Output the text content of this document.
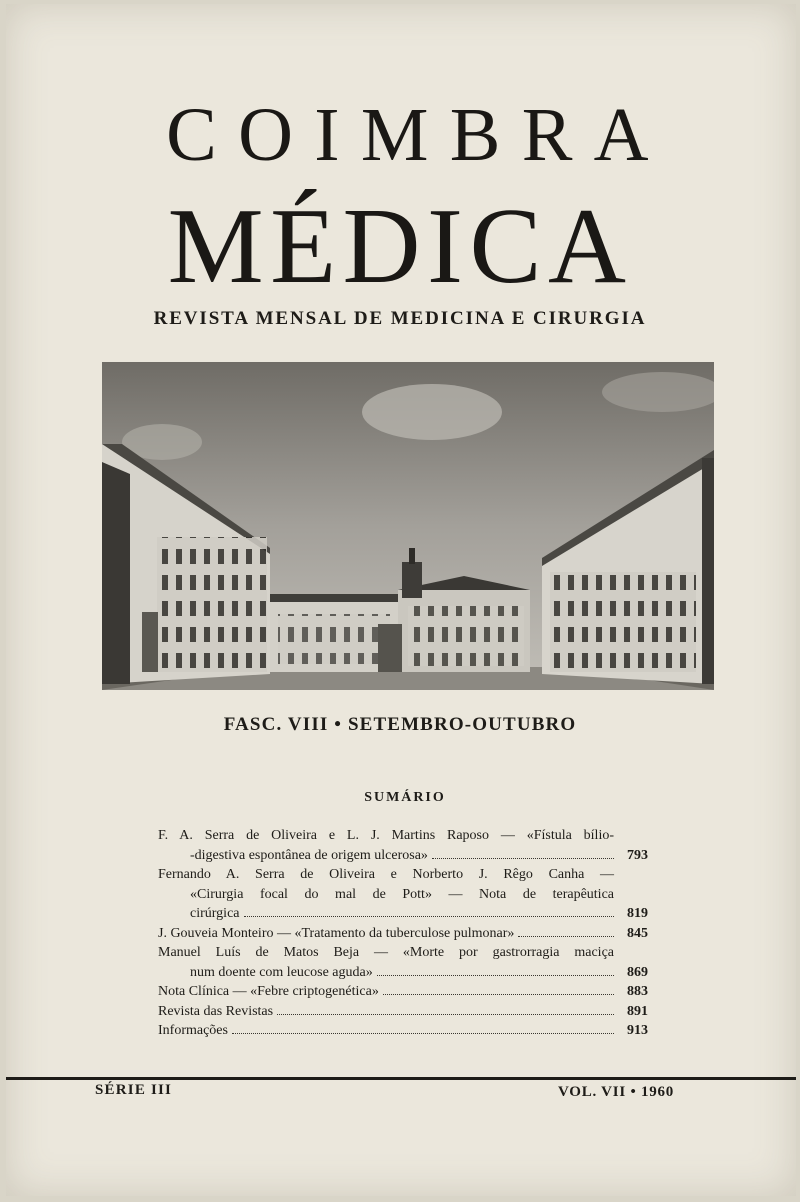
COIMBRA
MÉDICA
REVISTA MENSAL DE MEDICINA E CIRURGIA
FASC. VIII • SETEMBRO-OUTUBRO
SUMÁRIO
F. A. Serra de Oliveira e L. J. Martins Raposo — «Fístula bílio-
-digestiva espontânea de origem ulcerosa»	793
Fernando A. Serra de Oliveira e Norberto J. Rêgo Canha —
«Cirurgia focal do mal de Pott» — Nota de terapêutica
cirúrgica	819
J. Gouveia Monteiro — «Tratamento da tuberculose pulmonar»	845
Manuel Luís de Matos Beja — «Morte por gastrorragia maciça
num doente com leucose aguda»	869
Nota Clínica — «Febre criptogenética»	883
Revista das Revistas	891
Informações	913
SÉRIE III	VOL. VII • 1960
